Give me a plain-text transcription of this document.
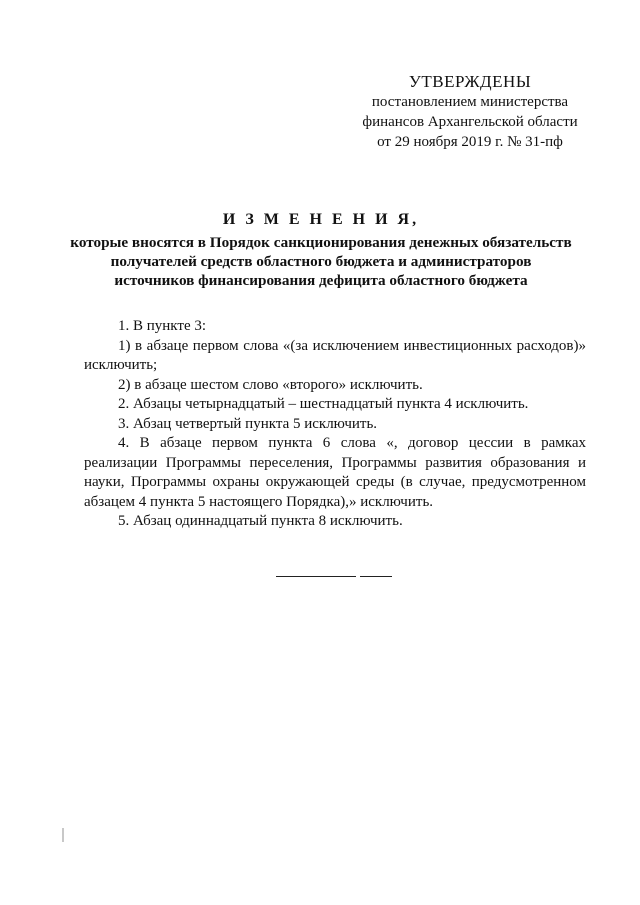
УТВЕРЖДЕНЫ
постановлением министерства
финансов Архангельской области
от 29 ноября 2019 г. № 31-пф
И З М Е Н Е Н И Я,
которые вносятся в Порядок санкционирования денежных обязательств
получателей средств областного бюджета и администраторов
источников финансирования дефицита областного бюджета

1. В пункте 3:

1) в абзаце первом слова «(за исключением инвестиционных расходов)» исключить;

2) в абзаце шестом слово «второго» исключить.

2. Абзацы четырнадцатый – шестнадцатый пункта 4 исключить.

3. Абзац четвертый пункта 5 исключить.

4. В абзаце первом пункта 6 слова «, договор цессии в рамках реализации Программы переселения, Программы развития образования и науки, Программы охраны окружающей среды (в случае, предусмотренном абзацем 4 пункта 5 настоящего Порядка),» исключить.

5. Абзац одиннадцатый пункта 8 исключить.
